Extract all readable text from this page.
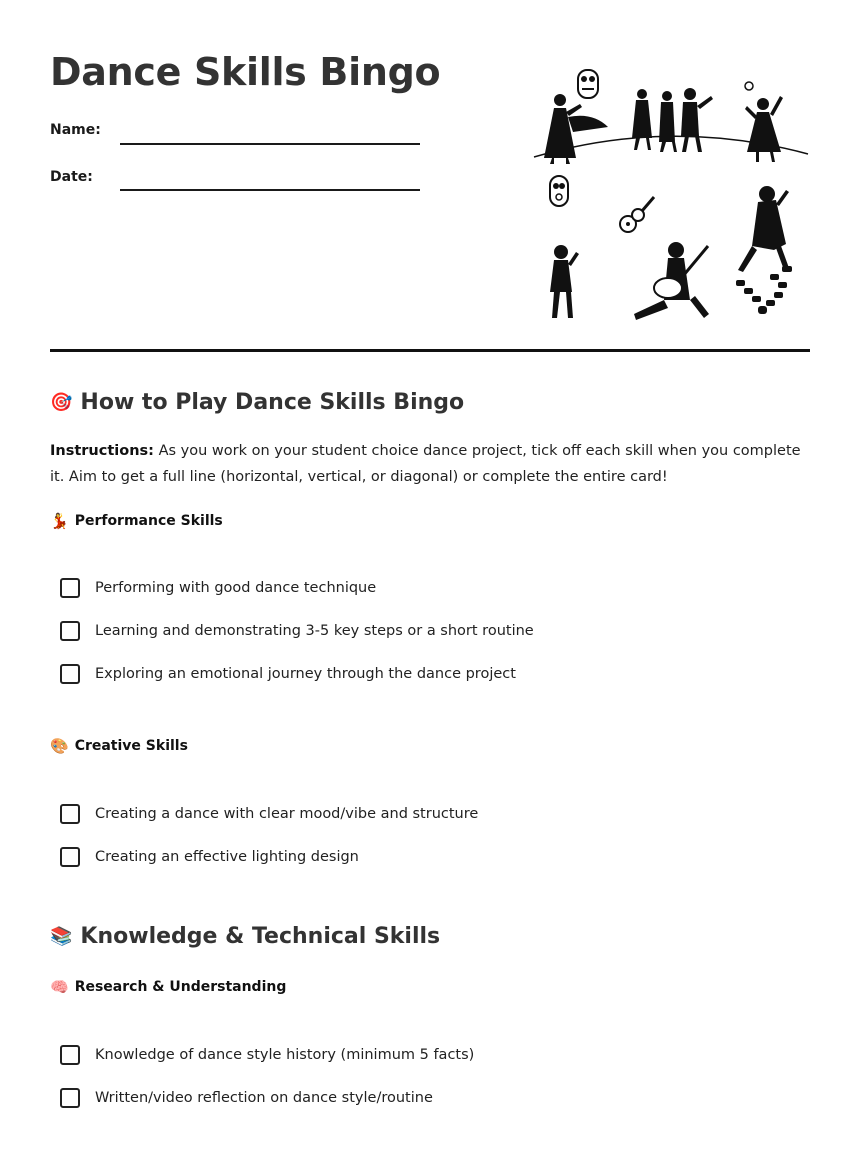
Dance Skills Bingo
Name:
Date:
🎯 How to Play Dance Skills Bingo

Instructions: As you work on your student choice dance project, tick off each skill when you complete it. Aim to get a full line (horizontal, vertical, or diagonal) or complete the entire card!

💃 Performance Skills
Performing with good dance technique
Learning and demonstrating 3-5 key steps or a short routine
Exploring an emotional journey through the dance project
🎨 Creative Skills
Creating a dance with clear mood/vibe and structure
Creating an effective lighting design
📚 Knowledge & Technical Skills
🧠 Research & Understanding
Knowledge of dance style history (minimum 5 facts)
Written/video reflection on dance style/routine
